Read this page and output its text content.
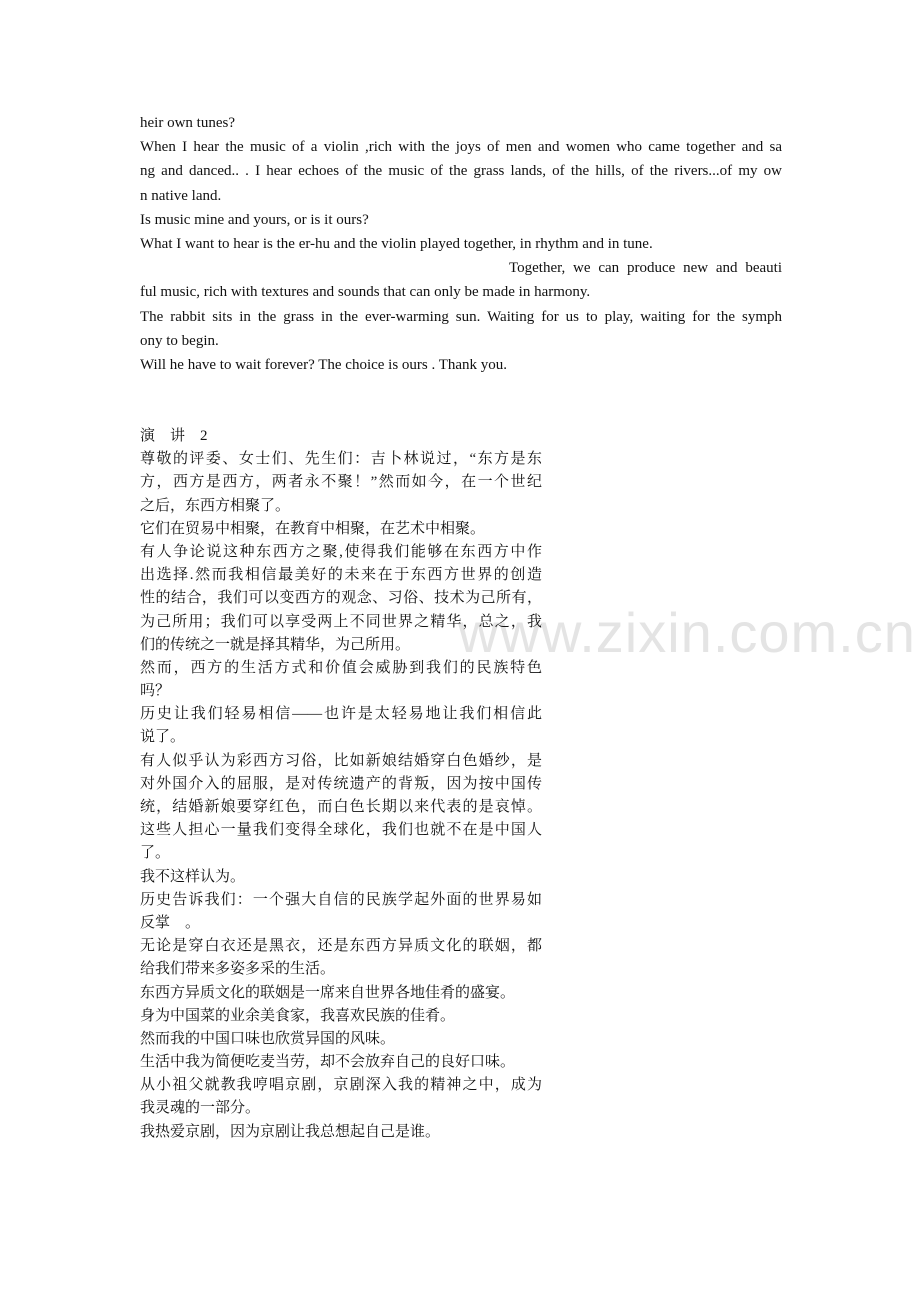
www.zixin.com.cn
heir own tunes?
When I hear the music of a violin ,rich with the joys of men and women who came together and sa
ng and danced.. . I hear echoes of the music of the grass lands, of the hills, of the rivers...of my ow
n native land.
Is music mine and yours, or is it ours?
What I want to hear is the er-hu and the violin played together, in rhythm and in tune.
Together, we can produce new and beauti
ful music, rich with textures and sounds that can only be made in harmony.
The rabbit sits in the grass in the ever-warming sun. Waiting for us to play, waiting for the symph
ony to begin.
Will he have to wait forever? The choice is ours . Thank you.
演　讲　2
尊敬的评委、女士们、先生们：吉卜林说过，“东方是东
方，西方是西方，两者永不聚！”然而如今，在一个世纪
之后，东西方相聚了。
它们在贸易中相聚，在教育中相聚，在艺术中相聚。
有人争论说这种东西方之聚,使得我们能够在东西方中作
出选择.然而我相信最美好的未来在于东西方世界的创造
性的结合，我们可以变西方的观念、习俗、技术为己所有，
为己所用；我们可以享受两上不同世界之精华，总之，我
们的传统之一就是择其精华，为己所用。
然而，西方的生活方式和价值会威胁到我们的民族特色
吗？
历史让我们轻易相信——也许是太轻易地让我们相信此
说了。
有人似乎认为彩西方习俗，比如新娘结婚穿白色婚纱，是
对外国介入的屈服，是对传统遗产的背叛，因为按中国传
统，结婚新娘要穿红色，而白色长期以来代表的是哀悼。
这些人担心一量我们变得全球化，我们也就不在是中国人
了。
我不这样认为。
历史告诉我们：一个强大自信的民族学起外面的世界易如
反掌　。
无论是穿白衣还是黑衣，还是东西方异质文化的联姻，都
给我们带来多姿多采的生活。
东西方异质文化的联姻是一席来自世界各地佳肴的盛宴。
身为中国菜的业余美食家，我喜欢民族的佳肴。
然而我的中国口味也欣赏异国的风味。
生活中我为简便吃麦当劳，却不会放弃自己的良好口味。
从小祖父就教我哼唱京剧，京剧深入我的精神之中，成为
我灵魂的一部分。
我热爱京剧，因为京剧让我总想起自己是谁。
